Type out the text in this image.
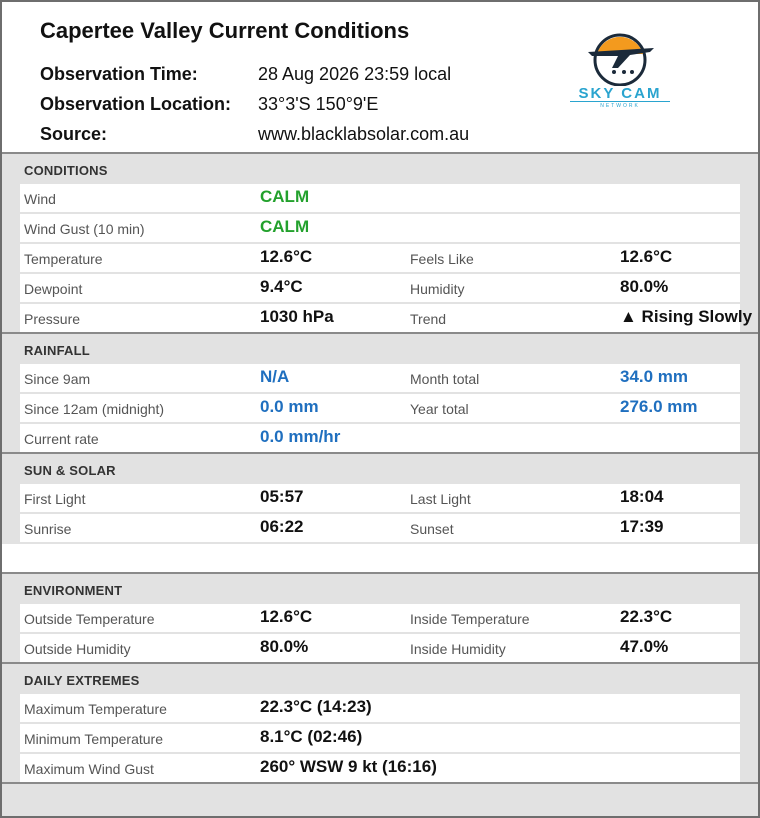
Capertee Valley Current Conditions
Observation Time:	28 Aug 2026 23:59 local
Observation Location: 33°3'S 150°9'E
Source:	www.blacklabsolar.com.au
SKY CAM
NETWORK
CONDITIONS
Wind	CALM
Wind Gust (10 min)	CALM
Temperature	12.6°C	Feels Like	12.6°C
Dewpoint	9.4°C	Humidity	80.0%
Pressure	1030 hPa	Trend	▲ Rising Slowly
RAINFALL
Since 9am	N/A	Month total	34.0 mm
Since 12am (midnight)	0.0 mm	Year total	276.0 mm
Current rate	0.0 mm/hr
SUN & SOLAR
First Light	05:57	Last Light	18:04
Sunrise	06:22	Sunset	17:39
ENVIRONMENT
Outside Temperature	12.6°C	Inside Temperature	22.3°C
Outside Humidity	80.0%	Inside Humidity	47.0%
DAILY EXTREMES
Maximum Temperature	22.3°C (14:23)
Minimum Temperature	8.1°C (02:46)
Maximum Wind Gust	260° WSW 9 kt (16:16)
